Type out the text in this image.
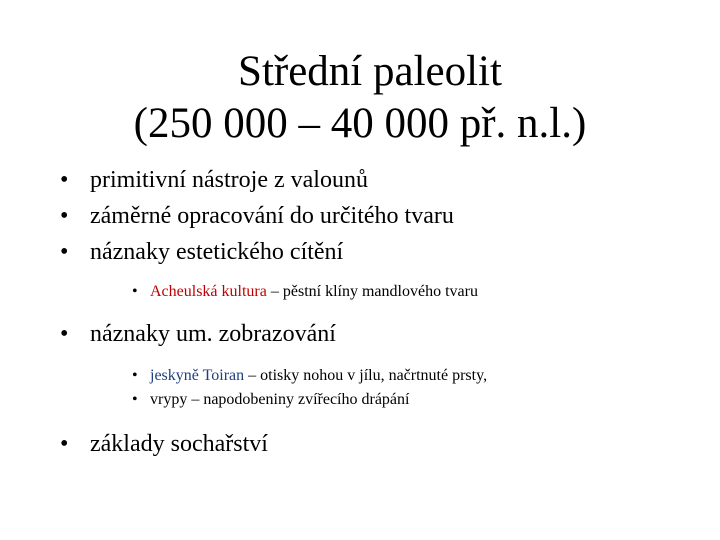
Střední paleolit
(250 000 – 40 000 př. n.l.)
• primitivní nástroje z valounů
• záměrné opracování do určitého tvaru
• náznaky estetického cítění
• Acheulská kultura – pěstní klíny mandlového tvaru
• náznaky um. zobrazování
• jeskyně Toiran – otisky nohou v jílu, načrtnuté prsty,
• vrypy – napodobeniny zvířecího drápání
• základy sochařství
